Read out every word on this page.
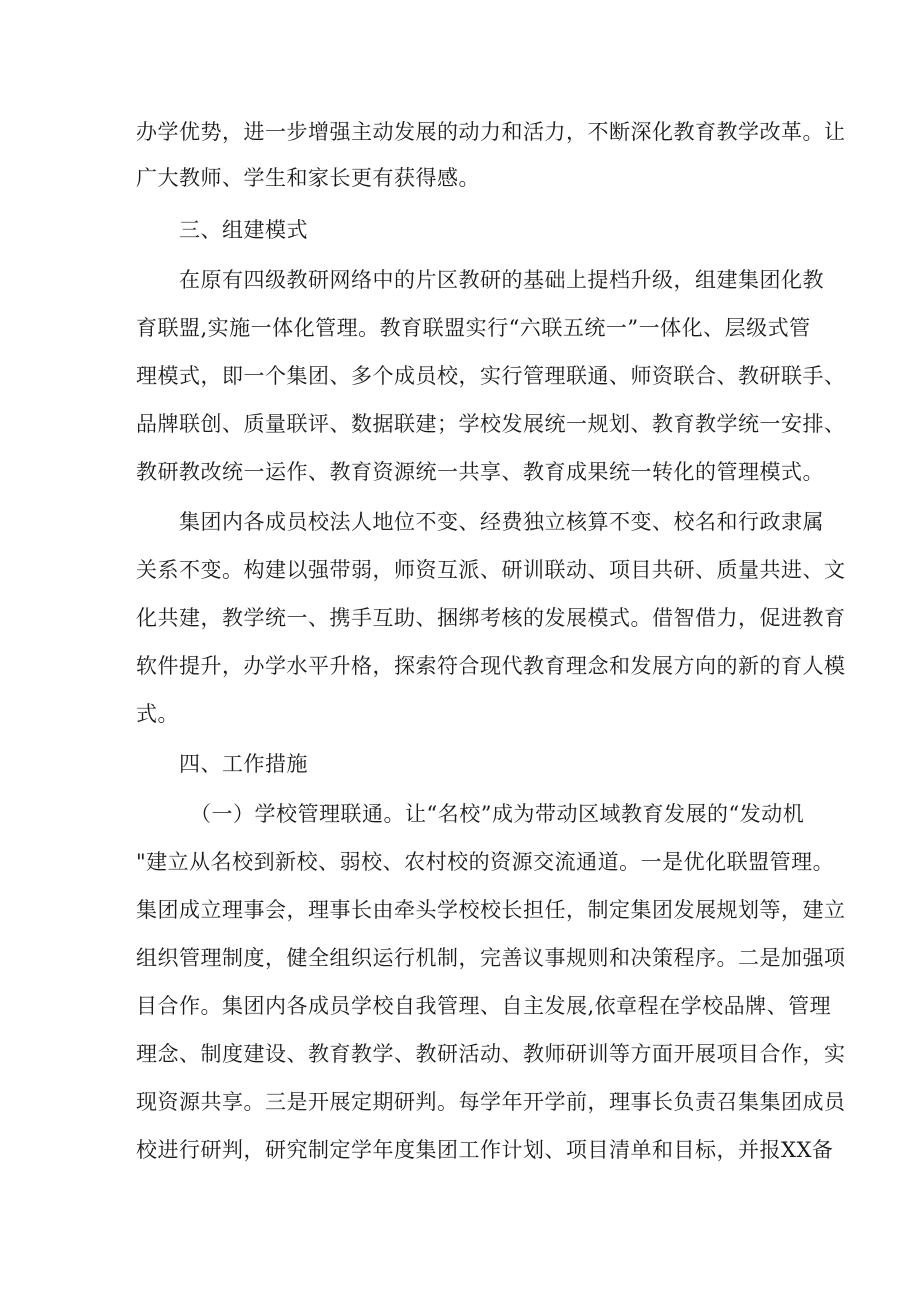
办学优势，进一步增强主动发展的动力和活力，不断深化教育教学改革。让
广大教师、学生和家长更有获得感。
三、组建模式
在原有四级教研网络中的片区教研的基础上提档升级，组建集团化教
育联盟,实施一体化管理。教育联盟实行“六联五统一”一体化、层级式管
理模式，即一个集团、多个成员校，实行管理联通、师资联合、教研联手、
品牌联创、质量联评、数据联建；学校发展统一规划、教育教学统一安排、
教研教改统一运作、教育资源统一共享、教育成果统一转化的管理模式。
集团内各成员校法人地位不变、经费独立核算不变、校名和行政隶属
关系不变。构建以强带弱，师资互派、研训联动、项目共研、质量共进、文
化共建，教学统一、携手互助、捆绑考核的发展模式。借智借力，促进教育
软件提升，办学水平升格，探索符合现代教育理念和发展方向的新的育人模
式。
四、工作措施
（一）学校管理联通。让“名校”成为带动区域教育发展的“发动机
"建立从名校到新校、弱校、农村校的资源交流通道。一是优化联盟管理。
集团成立理事会，理事长由牵头学校校长担任，制定集团发展规划等，建立
组织管理制度，健全组织运行机制，完善议事规则和决策程序。二是加强项
目合作。集团内各成员学校自我管理、自主发展,依章程在学校品牌、管理
理念、制度建设、教育教学、教研活动、教师研训等方面开展项目合作，实
现资源共享。三是开展定期研判。每学年开学前，理事长负责召集集团成员
校进行研判，研究制定学年度集团工作计划、项目清单和目标，并报XX备
